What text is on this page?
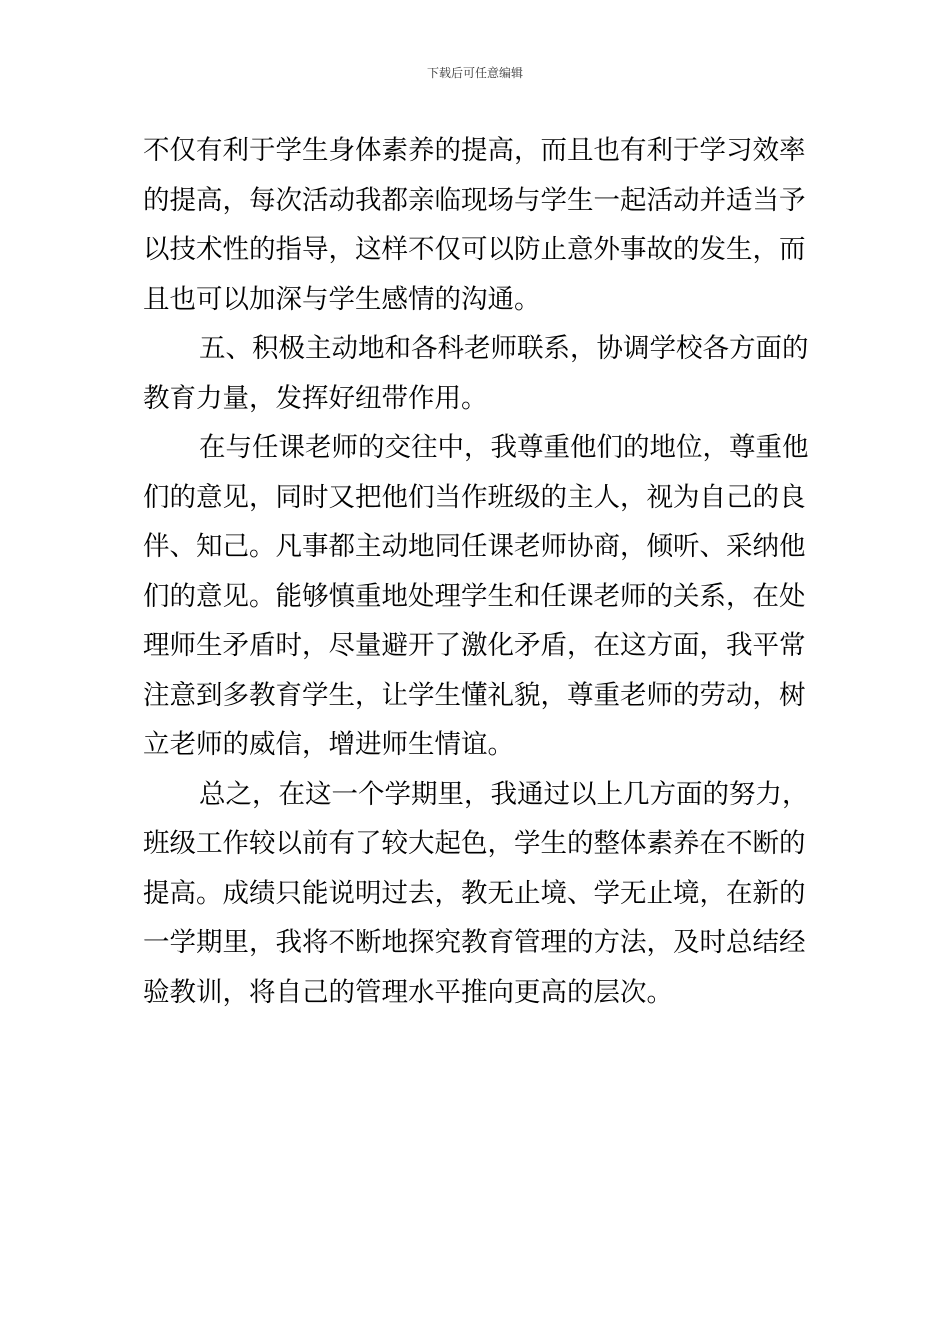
下载后可任意编辑
不仅有利于学生身体素养的提高，而且也有利于学习效率
的提高，每次活动我都亲临现场与学生一起活动并适当予
以技术性的指导，这样不仅可以防止意外事故的发生，而
且也可以加深与学生感情的沟通。
五、积极主动地和各科老师联系，协调学校各方面的
教育力量，发挥好纽带作用。
在与任课老师的交往中，我尊重他们的地位，尊重他
们的意见，同时又把他们当作班级的主人，视为自己的良
伴、知己。凡事都主动地同任课老师协商，倾听、采纳他
们的意见。能够慎重地处理学生和任课老师的关系，在处
理师生矛盾时，尽量避开了激化矛盾，在这方面，我平常
注意到多教育学生，让学生懂礼貌，尊重老师的劳动，树
立老师的威信，增进师生情谊。
总之，在这一个学期里，我通过以上几方面的努力，
班级工作较以前有了较大起色，学生的整体素养在不断的
提高。成绩只能说明过去，教无止境、学无止境，在新的
一学期里，我将不断地探究教育管理的方法，及时总结经
验教训，将自己的管理水平推向更高的层次。
